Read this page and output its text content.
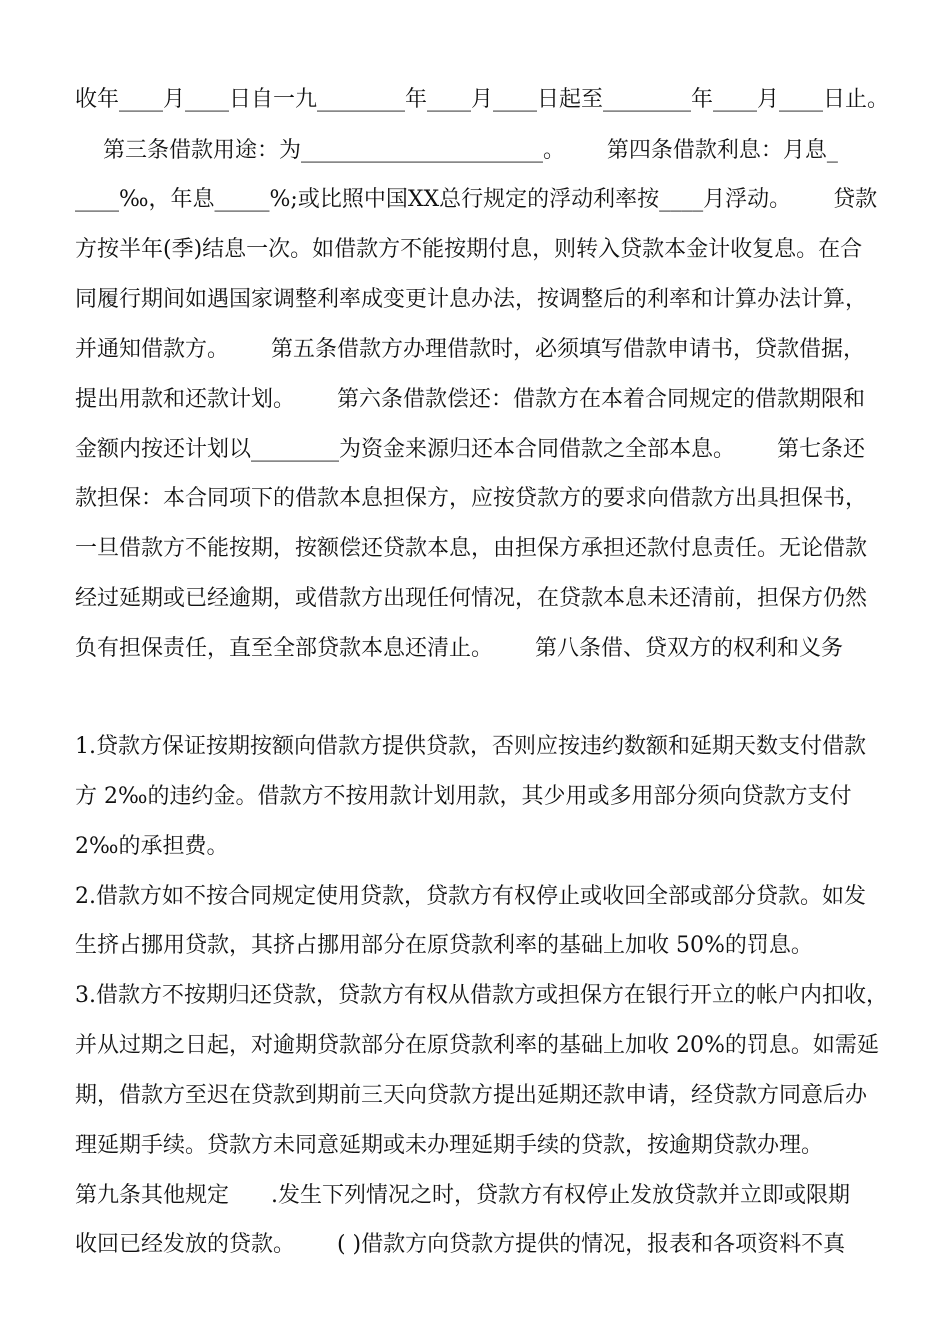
收年____月____日自一九________年____月____日起至________年____月____日止。
第三条借款用途：为______________________。      第四条借款利息：月息_
____‰，年息_____%;或比照中国XX总行规定的浮动利率按____月浮动。      贷款
方按半年(季)结息一次。如借款方不能按期付息，则转入贷款本金计收复息。在合
同履行期间如遇国家调整利率成变更计息办法，按调整后的利率和计算办法计算，
并通知借款方。      第五条借款方办理借款时，必须填写借款申请书，贷款借据，
提出用款和还款计划。      第六条借款偿还：借款方在本着合同规定的借款期限和
金额内按还计划以________为资金来源归还本合同借款之全部本息。      第七条还
款担保：本合同项下的借款本息担保方，应按贷款方的要求向借款方出具担保书，
一旦借款方不能按期，按额偿还贷款本息，由担保方承担还款付息责任。无论借款
经过延期或已经逾期，或借款方出现任何情况，在贷款本息未还清前，担保方仍然
负有担保责任，直至全部贷款本息还清止。      第八条借、贷双方的权利和义务
1.贷款方保证按期按额向借款方提供贷款，否则应按违约数额和延期天数支付借款
方 2‰的违约金。借款方不按用款计划用款，其少用或多用部分须向贷款方支付
2‰的承担费。
2.借款方如不按合同规定使用贷款，贷款方有权停止或收回全部或部分贷款。如发
生挤占挪用贷款，其挤占挪用部分在原贷款利率的基础上加收 50%的罚息。
3.借款方不按期归还贷款，贷款方有权从借款方或担保方在银行开立的帐户内扣收，
并从过期之日起，对逾期贷款部分在原贷款利率的基础上加收 20%的罚息。如需延
期，借款方至迟在贷款到期前三天向贷款方提出延期还款申请，经贷款方同意后办
理延期手续。贷款方未同意延期或未办理延期手续的贷款，按逾期贷款办理。
第九条其他规定      .发生下列情况之时，贷款方有权停止发放贷款并立即或限期
收回已经发放的贷款。      ( )借款方向贷款方提供的情况，报表和各项资料不真
